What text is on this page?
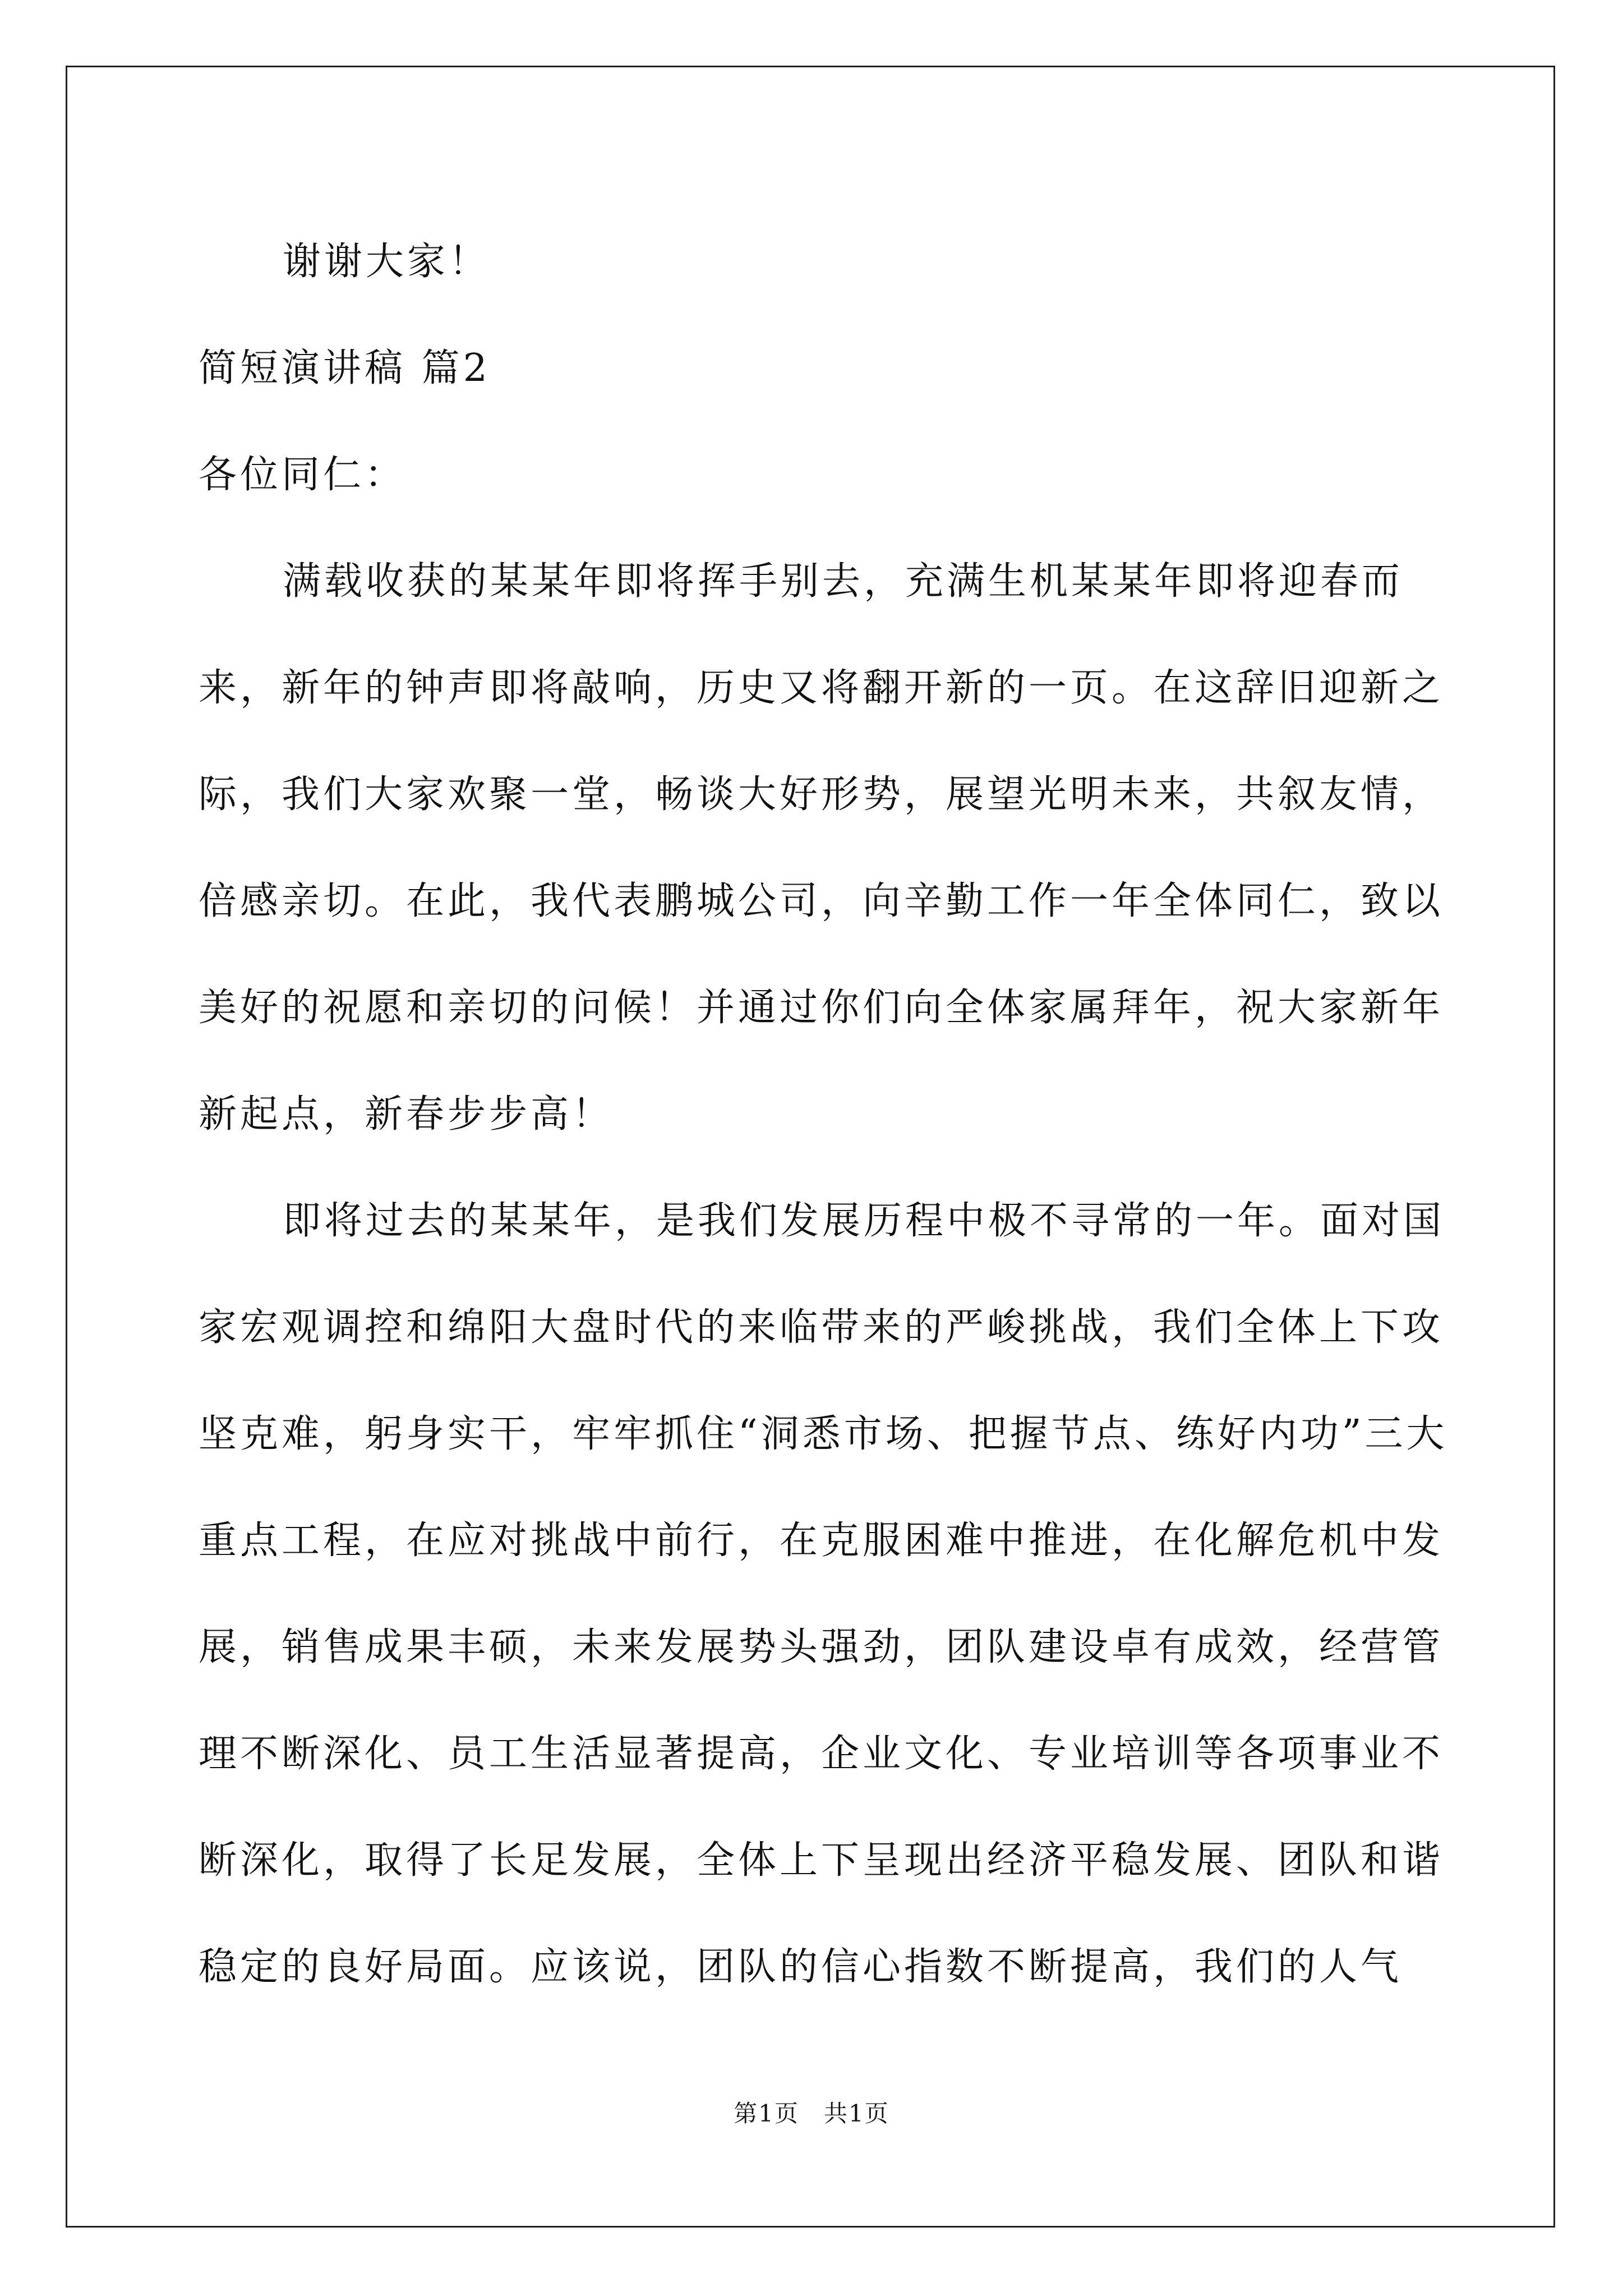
谢谢大家！

简短演讲稿 篇2

各位同仁：

满载收获的某某年即将挥手别去，充满生机某某年即将迎春而来，新年的钟声即将敲响，历史又将翻开新的一页。在这辞旧迎新之际，我们大家欢聚一堂，畅谈大好形势，展望光明未来，共叙友情，倍感亲切。在此，我代表鹏城公司，向辛勤工作一年全体同仁，致以美好的祝愿和亲切的问候！并通过你们向全体家属拜年，祝大家新年新起点，新春步步高！

即将过去的某某年，是我们发展历程中极不寻常的一年。面对国家宏观调控和绵阳大盘时代的来临带来的严峻挑战，我们全体上下攻坚克难，躬身实干，牢牢抓住“洞悉市场、把握节点、练好内功”三大重点工程，在应对挑战中前行，在克服困难中推进，在化解危机中发展，销售成果丰硕，未来发展势头强劲，团队建设卓有成效，经营管理不断深化、员工生活显著提高，企业文化、专业培训等各项事业不断深化，取得了长足发展，全体上下呈现出经济平稳发展、团队和谐稳定的良好局面。应该说，团队的信心指数不断提高，我们的人气

第1页　共1页
